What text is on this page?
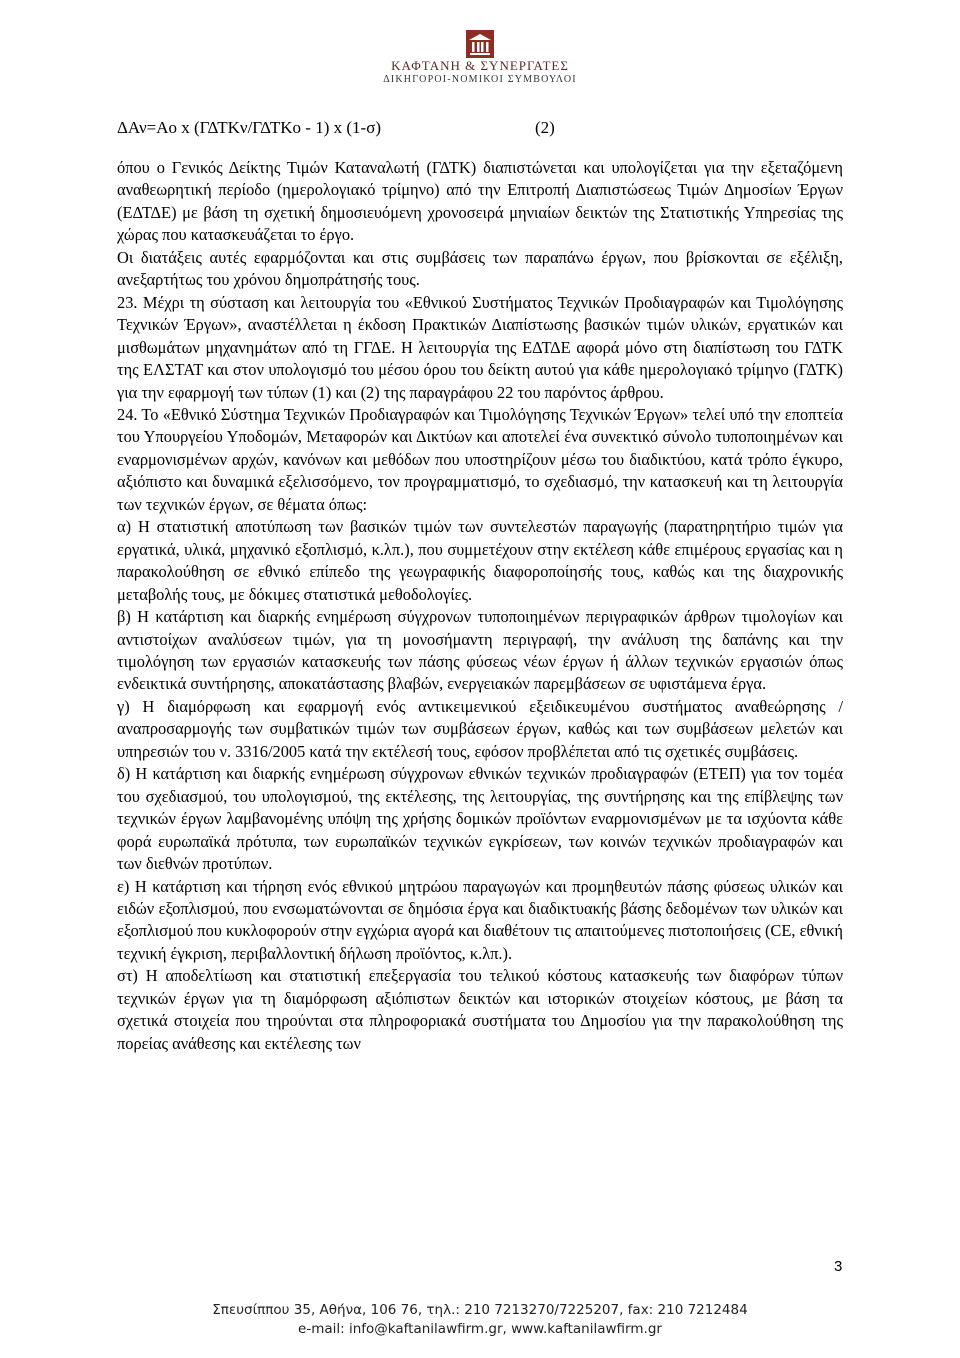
ΚΑΦΤΑΝΗ & ΣΥΝΕΡΓΑΤΕΣ
ΔΙΚΗΓΟΡΟΙ-ΝΟΜΙΚΟΙ ΣΥΜΒΟΥΛΟΙ
ΔΑν=Αο x (ΓΔΤΚν/ΓΔΤΚο - 1) x (1-σ)	(2)

όπου ο Γενικός Δείκτης Τιμών Καταναλωτή (ΓΔΤΚ) διαπιστώνεται και υπολογίζεται για την εξεταζόμενη αναθεωρητική περίοδο (ημερολογιακό τρίμηνο) από την Επιτροπή Διαπιστώσεως Τιμών Δημοσίων Έργων (ΕΔΤΔΕ) με βάση τη σχετική δημοσιευόμενη χρονοσειρά μηνιαίων δεικτών της Στατιστικής Υπηρεσίας της χώρας που κατασκευάζεται το έργο.

Οι διατάξεις αυτές εφαρμόζονται και στις συμβάσεις των παραπάνω έργων, που βρίσκονται σε εξέλιξη, ανεξαρτήτως του χρόνου δημοπράτησής τους.

23. Μέχρι τη σύσταση και λειτουργία του «Εθνικού Συστήματος Τεχνικών Προδιαγραφών και Τιμολόγησης Τεχνικών Έργων», αναστέλλεται η έκδοση Πρακτικών Διαπίστωσης βασικών τιμών υλικών, εργατικών και μισθωμάτων μηχανημάτων από τη ΓΓΔΕ. Η λειτουργία της ΕΔΤΔΕ αφορά μόνο στη διαπίστωση του ΓΔΤΚ της ΕΛΣΤΑΤ και στον υπολογισμό του μέσου όρου του δείκτη αυτού για κάθε ημερολογιακό τρίμηνο (ΓΔΤΚ) για την εφαρμογή των τύπων (1) και (2) της παραγράφου 22 του παρόντος άρθρου.

24. Το «Εθνικό Σύστημα Τεχνικών Προδιαγραφών και Τιμολόγησης Τεχνικών Έργων» τελεί υπό την εποπτεία του Υπουργείου Υποδομών, Μεταφορών και Δικτύων και αποτελεί ένα συνεκτικό σύνολο τυποποιημένων και εναρμονισμένων αρχών, κανόνων και μεθόδων που υποστηρίζουν μέσω του διαδικτύου, κατά τρόπο έγκυρο, αξιόπιστο και δυναμικά εξελισσόμενο, τον προγραμματισμό, το σχεδιασμό, την κατασκευή και τη λειτουργία των τεχνικών έργων, σε θέματα όπως:

α) Η στατιστική αποτύπωση των βασικών τιμών των συντελεστών παραγωγής (παρατηρητήριο τιμών για εργατικά, υλικά, μηχανικό εξοπλισμό, κ.λπ.), που συμμετέχουν στην εκτέλεση κάθε επιμέρους εργασίας και η παρακολούθηση σε εθνικό επίπεδο της γεωγραφικής διαφοροποίησής τους, καθώς και της διαχρονικής μεταβολής τους, με δόκιμες στατιστικά μεθοδολογίες.

β) Η κατάρτιση και διαρκής ενημέρωση σύγχρονων τυποποιημένων περιγραφικών άρθρων τιμολογίων και αντιστοίχων αναλύσεων τιμών, για τη μονοσήμαντη περιγραφή, την ανάλυση της δαπάνης και την τιμολόγηση των εργασιών κατασκευής των πάσης φύσεως νέων έργων ή άλλων τεχνικών εργασιών όπως ενδεικτικά συντήρησης, αποκατάστασης βλαβών, ενεργειακών παρεμβάσεων σε υφιστάμενα έργα.

γ) Η διαμόρφωση και εφαρμογή ενός αντικειμενικού εξειδικευμένου συστήματος αναθεώρησης /αναπροσαρμογής των συμβατικών τιμών των συμβάσεων έργων, καθώς και των συμβάσεων μελετών και υπηρεσιών του ν. 3316/2005 κατά την εκτέλεσή τους, εφόσον προβλέπεται από τις σχετικές συμβάσεις.

δ) Η κατάρτιση και διαρκής ενημέρωση σύγχρονων εθνικών τεχνικών προδιαγραφών (ΕΤΕΠ) για τον τομέα του σχεδιασμού, του υπολογισμού, της εκτέλεσης, της λειτουργίας, της συντήρησης και της επίβλεψης των τεχνικών έργων λαμβανομένης υπόψη της χρήσης δομικών προϊόντων εναρμονισμένων με τα ισχύοντα κάθε φορά ευρωπαϊκά πρότυπα, των ευρωπαϊκών τεχνικών εγκρίσεων, των κοινών τεχνικών προδιαγραφών και των διεθνών προτύπων.

ε) Η κατάρτιση και τήρηση ενός εθνικού μητρώου παραγωγών και προμηθευτών πάσης φύσεως υλικών και ειδών εξοπλισμού, που ενσωματώνονται σε δημόσια έργα και διαδικτυακής βάσης δεδομένων των υλικών και εξοπλισμού που κυκλοφορούν στην εγχώρια αγορά και διαθέτουν τις απαιτούμενες πιστοποιήσεις (CE, εθνική τεχνική έγκριση, περιβαλλοντική δήλωση προϊόντος, κ.λπ.).

στ) Η αποδελτίωση και στατιστική επεξεργασία του τελικού κόστους κατασκευής των διαφόρων τύπων τεχνικών έργων για τη διαμόρφωση αξιόπιστων δεικτών και ιστορικών στοιχείων κόστους, με βάση τα σχετικά στοιχεία που τηρούνται στα πληροφοριακά συστήματα του Δημοσίου για την παρακολούθηση της πορείας ανάθεσης και εκτέλεσης των

3
Σπευσίππου 35, Αθήνα, 106 76, τηλ.: 210 7213270/7225207, fax: 210 7212484
e-mail: info@kaftanilawfirm.gr, www.kaftanilawfirm.gr
